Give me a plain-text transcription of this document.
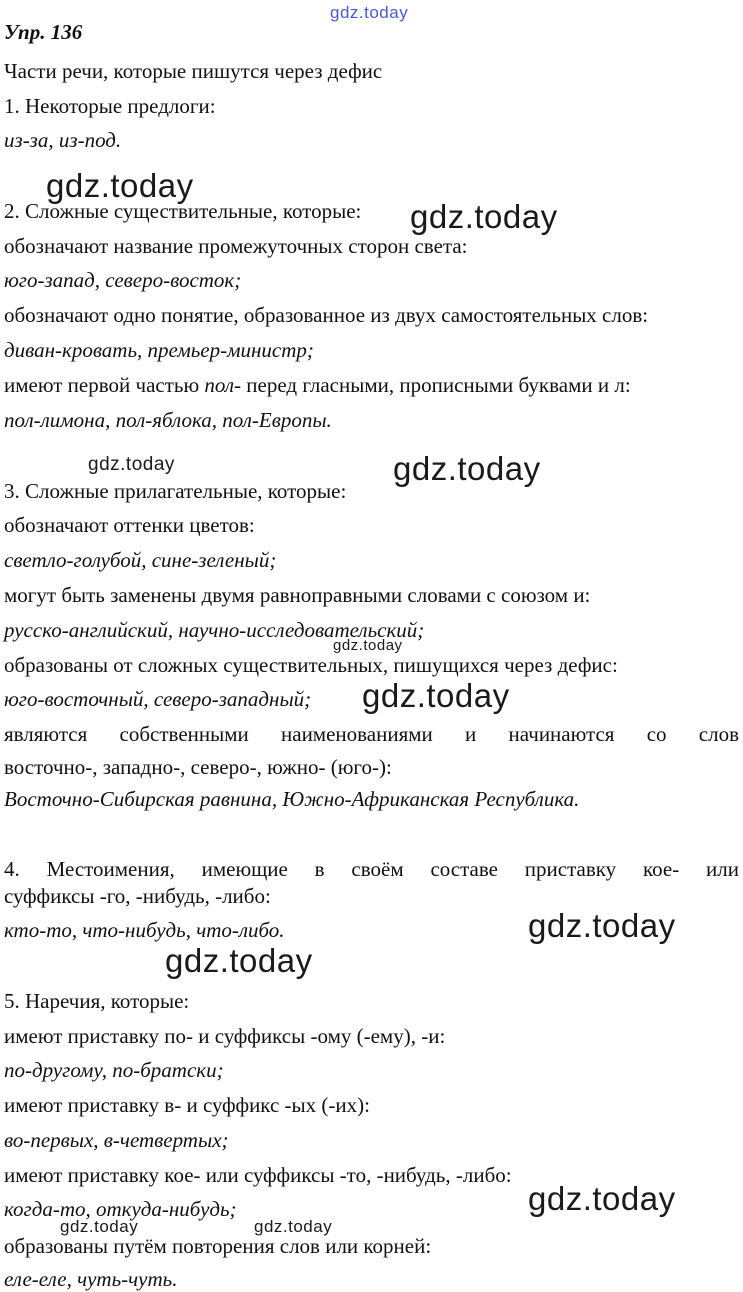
gdz.today
gdz.today
gdz.today
gdz.today	gdz.today
gdz.today
gdz.today
gdz.today
gdz.today
gdz.today
gdz.today	gdz.today
Упр. 136
Части речи, которые пишутся через дефис
1. Некоторые предлоги:
из-за, из-под.
2. Сложные существительные, которые:
обозначают название промежуточных сторон света:
юго-запад, северо-восток;
обозначают одно понятие, образованное из двух самостоятельных слов:
диван-кровать, премьер-министр;
имеют первой частью пол- перед гласными, прописными буквами и л:
пол-лимона, пол-яблока, пол-Европы.
3. Сложные прилагательные, которые:
обозначают оттенки цветов:
светло-голубой, сине-зеленый;
могут быть заменены двумя равноправными словами с союзом и:
русско-английский, научно-исследовательский;
образованы от сложных существительных, пишущихся через дефис:
юго-восточный, северо-западный;
являются собственными наименованиями и начинаются со слов
восточно-, западно-, северо-, южно- (юго-):
Восточно-Сибирская равнина, Южно-Африканская Республика.
4. Местоимения, имеющие в своём составе приставку кое- или
суффиксы -го, -нибудь, -либо:
кто-то, что-нибудь, что-либо.
5. Наречия, которые:
имеют приставку по- и суффиксы -ому (-ему), -и:
по-другому, по-братски;
имеют приставку в- и суффикс -ых (-их):
во-первых, в-четвертых;
имеют приставку кое- или суффиксы -то, -нибудь, -либо:
когда-то, откуда-нибудь;
образованы путём повторения слов или корней:
еле-еле, чуть-чуть.
